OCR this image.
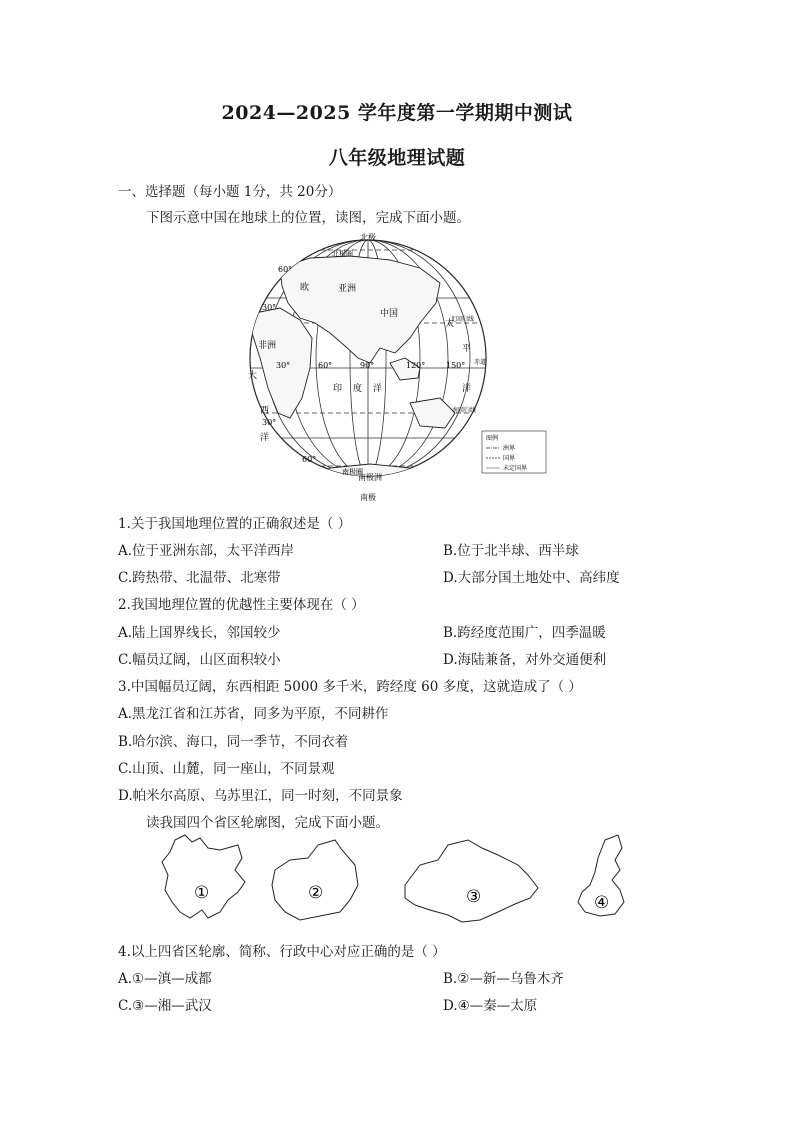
2024—2025 学年度第一学期期中测试
八年级地理试题
一、选择题（每小题 1分，共 20分）
下图示意中国在地球上的位置，读图，完成下面小题。
北极
南极
北极圈
南极圈
北回归线
南回归线
赤道
亚洲
中国
非洲
欧
南极洲
印 度 洋
太
平
洋
大
西
洋
60°
30°
30°
60°
30°	60°	90°	120°	150°
图例
洲界
国界
未定国界
1.关于我国地理位置的正确叙述是（ ）
A.位于亚洲东部，太平洋西岸	B.位于北半球、西半球
C.跨热带、北温带、北寒带	D.大部分国土地处中、高纬度
2.我国地理位置的优越性主要体现在（ ）
A.陆上国界线长，邻国较少	B.跨经度范围广，四季温暖
C.幅员辽阔，山区面积较小	D.海陆兼备，对外交通便利
3.中国幅员辽阔，东西相距 5000 多千米，跨经度 60 多度，这就造成了（ ）
A.黑龙江省和江苏省，同多为平原，不同耕作
B.哈尔滨、海口，同一季节，不同衣着
C.山顶、山麓，同一座山，不同景观
D.帕米尔高原、乌苏里江，同一时刻，不同景象
读我国四个省区轮廓图，完成下面小题。
①	②	③	④
4.以上四省区轮廓、简称、行政中心对应正确的是（ ）
A.①—滇—成都	B.②—新—乌鲁木齐
C.③—湘—武汉	D.④—秦—太原
